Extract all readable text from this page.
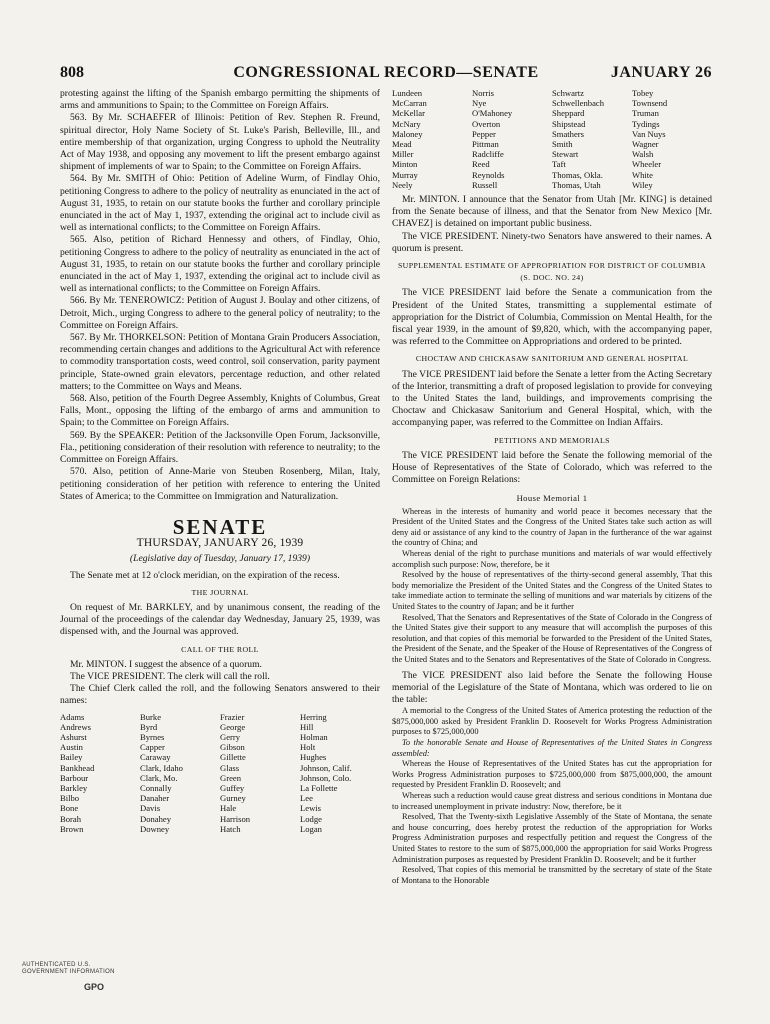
808	CONGRESSIONAL RECORD—SENATE	JANUARY 26

protesting against the lifting of the Spanish embargo permitting the shipments of arms and ammunitions to Spain; to the Committee on Foreign Affairs.

563. By Mr. SCHAEFER of Illinois: Petition of Rev. Stephen R. Freund, spiritual director, Holy Name Society of St. Luke's Parish, Belleville, Ill., and entire membership of that organization, urging Congress to uphold the Neutrality Act of May 1938, and opposing any movement to lift the present embargo against shipment of implements of war to Spain; to the Committee on Foreign Affairs.

564. By Mr. SMITH of Ohio: Petition of Adeline Wurm, of Findlay Ohio, petitioning Congress to adhere to the policy of neutrality as enunciated in the act of August 31, 1935, to retain on our statute books the further and corollary principle enunciated in the act of May 1, 1937, extending the original act to include civil as well as international conflicts; to the Committee on Foreign Affairs.

565. Also, petition of Richard Hennessy and others, of Findlay, Ohio, petitioning Congress to adhere to the policy of neutrality as enunciated in the act of August 31, 1935, to retain on our statute books the further and corollary principle enunciated in the act of May 1, 1937, extending the original act to include civil as well as international conflicts; to the Committee on Foreign Affairs.

566. By Mr. TENEROWICZ: Petition of August J. Boulay and other citizens, of Detroit, Mich., urging Congress to adhere to the general policy of neutrality; to the Committee on Foreign Affairs.

567. By Mr. THORKELSON: Petition of Montana Grain Producers Association, recommending certain changes and additions to the Agricultural Act with reference to commodity transportation costs, weed control, soil conservation, parity payment principle, State-owned grain elevators, percentage reduction, and other related matters; to the Committee on Ways and Means.

568. Also, petition of the Fourth Degree Assembly, Knights of Columbus, Great Falls, Mont., opposing the lifting of the embargo of arms and ammunition to Spain; to the Committee on Foreign Affairs.

569. By the SPEAKER: Petition of the Jacksonville Open Forum, Jacksonville, Fla., petitioning consideration of their resolution with reference to neutrality; to the Committee on Foreign Affairs.

570. Also, petition of Anne-Marie von Steuben Rosenberg, Milan, Italy, petitioning consideration of her petition with reference to entering the United States of America; to the Committee on Immigration and Naturalization.

SENATE
THURSDAY, JANUARY 26, 1939
(Legislative day of Tuesday, January 17, 1939)

The Senate met at 12 o'clock meridian, on the expiration of the recess.

THE JOURNAL

On request of Mr. BARKLEY, and by unanimous consent, the reading of the Journal of the proceedings of the calendar day Wednesday, January 25, 1939, was dispensed with, and the Journal was approved.

CALL OF THE ROLL

Mr. MINTON. I suggest the absence of a quorum.

The VICE PRESIDENT. The clerk will call the roll.

The Chief Clerk called the roll, and the following Senators answered to their names:

Adams	Burke	Frazier	Herring
Andrews	Byrd	George	Hill
Ashurst	Byrnes	Gerry	Holman
Austin	Capper	Gibson	Holt
Bailey	Caraway	Gillette	Hughes
Bankhead	Clark, Idaho	Glass	Johnson, Calif.
Barbour	Clark, Mo.	Green	Johnson, Colo.
Barkley	Connally	Guffey	La Follette
Bilbo	Danaher	Gurney	Lee
Bone	Davis	Hale	Lewis
Borah	Donahey	Harrison	Lodge
Brown	Downey	Hatch	Logan
Lundeen	Norris	Schwartz	Tobey
McCarran	Nye	Schwellenbach	Townsend
McKellar	O'Mahoney	Sheppard	Truman
McNary	Overton	Shipstead	Tydings
Maloney	Pepper	Smathers	Van Nuys
Mead	Pittman	Smith	Wagner
Miller	Radcliffe	Stewart	Walsh
Minton	Reed	Taft	Wheeler
Murray	Reynolds	Thomas, Okla.	White
Neely	Russell	Thomas, Utah	Wiley

Mr. MINTON. I announce that the Senator from Utah [Mr. KING] is detained from the Senate because of illness, and that the Senator from New Mexico [Mr. CHAVEZ] is detained on important public business.

The VICE PRESIDENT. Ninety-two Senators have answered to their names. A quorum is present.

SUPPLEMENTAL ESTIMATE OF APPROPRIATION FOR DISTRICT OF COLUMBIA (S. DOC. NO. 24)

The VICE PRESIDENT laid before the Senate a communication from the President of the United States, transmitting a supplemental estimate of appropriation for the District of Columbia, Commission on Mental Health, for the fiscal year 1939, in the amount of $9,820, which, with the accompanying paper, was referred to the Committee on Appropriations and ordered to be printed.

CHOCTAW AND CHICKASAW SANITORIUM AND GENERAL HOSPITAL

The VICE PRESIDENT laid before the Senate a letter from the Acting Secretary of the Interior, transmitting a draft of proposed legislation to provide for conveying to the United States the land, buildings, and improvements comprising the Choctaw and Chickasaw Sanitorium and General Hospital, which, with the accompanying paper, was referred to the Committee on Indian Affairs.

PETITIONS AND MEMORIALS

The VICE PRESIDENT laid before the Senate the following memorial of the House of Representatives of the State of Colorado, which was referred to the Committee on Foreign Relations:

House Memorial 1

Whereas in the interests of humanity and world peace it becomes necessary that the President of the United States and the Congress of the United States take such action as will deny aid or assistance of any kind to the country of Japan in the furtherance of the war against the country of China; and

Whereas denial of the right to purchase munitions and materials of war would effectively accomplish such purpose: Now, therefore, be it

Resolved by the house of representatives of the thirty-second general assembly, That this body memorialize the President of the United States and the Congress of the United States to take immediate action to terminate the selling of munitions and war materials by citizens of the United States to the country of Japan; and be it further

Resolved, That the Senators and Representatives of the State of Colorado in the Congress of the United States give their support to any measure that will accomplish the purposes of this resolution, and that copies of this memorial be forwarded to the President of the United States, the President of the Senate, and the Speaker of the House of Representatives of the Congress of the United States and to the Senators and Representatives of the State of Colorado in Congress.

The VICE PRESIDENT also laid before the Senate the following House memorial of the Legislature of the State of Montana, which was ordered to lie on the table:

A memorial to the Congress of the United States of America protesting the reduction of the $875,000,000 asked by President Franklin D. Roosevelt for Works Progress Administration purposes to $725,000,000

To the honorable Senate and House of Representatives of the United States in Congress assembled:

Whereas the House of Representatives of the United States has cut the appropriation for Works Progress Administration purposes to $725,000,000 from $875,000,000, the amount requested by President Franklin D. Roosevelt; and

Whereas such a reduction would cause great distress and serious conditions in Montana due to increased unemployment in private industry: Now, therefore, be it

Resolved, That the Twenty-sixth Legislative Assembly of the State of Montana, the senate and house concurring, does hereby protest the reduction of the appropriation for Works Progress Administration purposes and respectfully petition and request the Congress of the United States to restore to the sum of $875,000,000 the appropriation for said Works Progress Administration purposes as requested by President Franklin D. Roosevelt; and be it further

Resolved, That copies of this memorial be transmitted by the secretary of state of the State of Montana to the Honorable

AUTHENTICATED U.S. GOVERNMENT INFORMATION
GPO
